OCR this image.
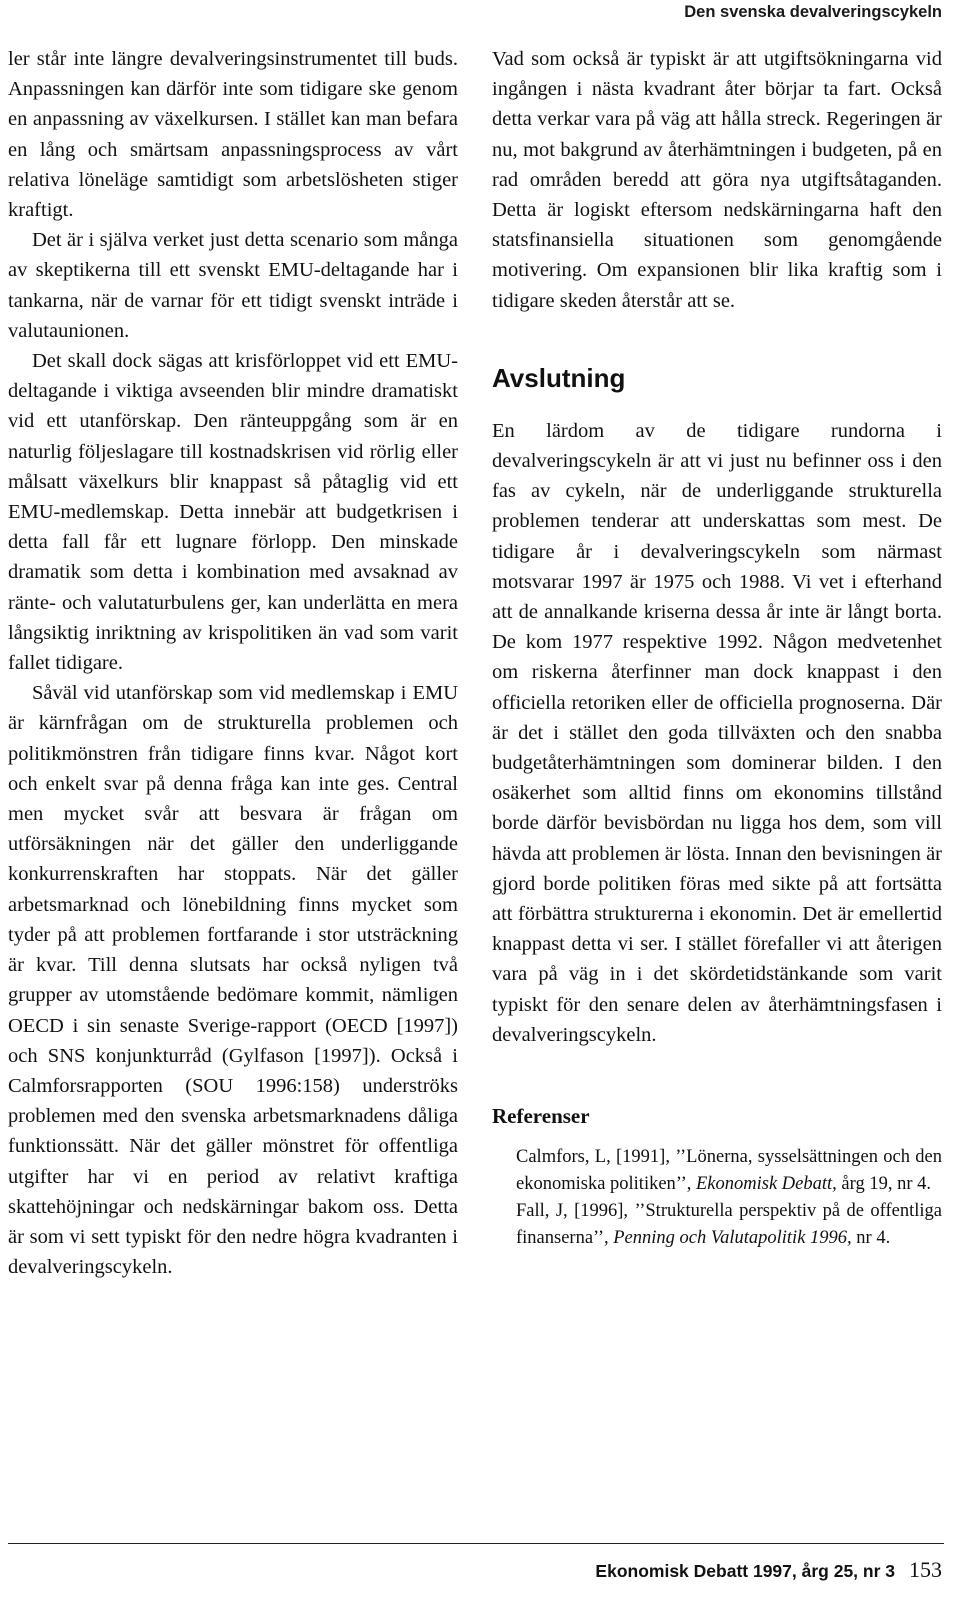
Den svenska devalveringscykeln

ler står inte längre devalveringsinstrumentet till buds. Anpassningen kan därför inte som tidigare ske genom en anpassning av växelkursen. I stället kan man befara en lång och smärtsam anpassningsprocess av vårt relativa löneläge samtidigt som arbetslösheten stiger kraftigt.

Det är i själva verket just detta scenario som många av skeptikerna till ett svenskt EMU-deltagande har i tankarna, när de varnar för ett tidigt svenskt inträde i valutaunionen.

Det skall dock sägas att krisförloppet vid ett EMU-deltagande i viktiga avseenden blir mindre dramatiskt vid ett utanförskap. Den ränteuppgång som är en naturlig följeslagare till kostnadskrisen vid rörlig eller målsatt växelkurs blir knappast så påtaglig vid ett EMU-medlemskap. Detta innebär att budgetkrisen i detta fall får ett lugnare förlopp. Den minskade dramatik som detta i kombination med avsaknad av ränte- och valutaturbulens ger, kan underlätta en mera långsiktig inriktning av krispolitiken än vad som varit fallet tidigare.

Såväl vid utanförskap som vid medlemskap i EMU är kärnfrågan om de strukturella problemen och politikmönstren från tidigare finns kvar. Något kort och enkelt svar på denna fråga kan inte ges. Central men mycket svår att besvara är frågan om utförsäkningen när det gäller den underliggande konkurrenskraften har stoppats. När det gäller arbetsmarknad och lönebildning finns mycket som tyder på att problemen fortfarande i stor utsträckning är kvar. Till denna slutsats har också nyligen två grupper av utomstående bedömare kommit, nämligen OECD i sin senaste Sverige-rapport (OECD [1997]) och SNS konjunkturråd (Gylfason [1997]). Också i Calmforsrapporten (SOU 1996:158) underströks problemen med den svenska arbetsmarknadens dåliga funktionssätt. När det gäller mönstret för offentliga utgifter har vi en period av relativt kraftiga skattehöjningar och nedskärningar bakom oss. Detta är som vi sett typiskt för den nedre högra kvadranten i devalveringscykeln.

Vad som också är typiskt är att utgiftsökningarna vid ingången i nästa kvadrant åter börjar ta fart. Också detta verkar vara på väg att hålla streck. Regeringen är nu, mot bakgrund av återhämtningen i budgeten, på en rad områden beredd att göra nya utgiftsåtaganden. Detta är logiskt eftersom nedskärningarna haft den statsfinansiella situationen som genomgående motivering. Om expansionen blir lika kraftig som i tidigare skeden återstår att se.

Avslutning

En lärdom av de tidigare rundorna i devalveringscykeln är att vi just nu befinner oss i den fas av cykeln, när de underliggande strukturella problemen tenderar att underskattas som mest. De tidigare år i devalveringscykeln som närmast motsvarar 1997 är 1975 och 1988. Vi vet i efterhand att de annalkande kriserna dessa år inte är långt borta. De kom 1977 respektive 1992. Någon medvetenhet om riskerna återfinner man dock knappast i den officiella retoriken eller de officiella prognoserna. Där är det i stället den goda tillväxten och den snabba budgetåterhämtningen som dominerar bilden. I den osäkerhet som alltid finns om ekonomins tillstånd borde därför bevisbördan nu ligga hos dem, som vill hävda att problemen är lösta. Innan den bevisningen är gjord borde politiken föras med sikte på att fortsätta att förbättra strukturerna i ekonomin. Det är emellertid knappast detta vi ser. I stället förefaller vi att återigen vara på väg in i det skördetidstänkande som varit typiskt för den senare delen av återhämtningsfasen i devalveringscykeln.

Referenser

Calmfors, L, [1991], ’’Lönerna, sysselsättningen och den ekonomiska politiken’’, Ekonomisk Debatt, årg 19, nr 4.

Fall, J, [1996], ’’Strukturella perspektiv på de offentliga finanserna’’, Penning och Valutapolitik 1996, nr 4.

Ekonomisk Debatt 1997, årg 25, nr 3 153
